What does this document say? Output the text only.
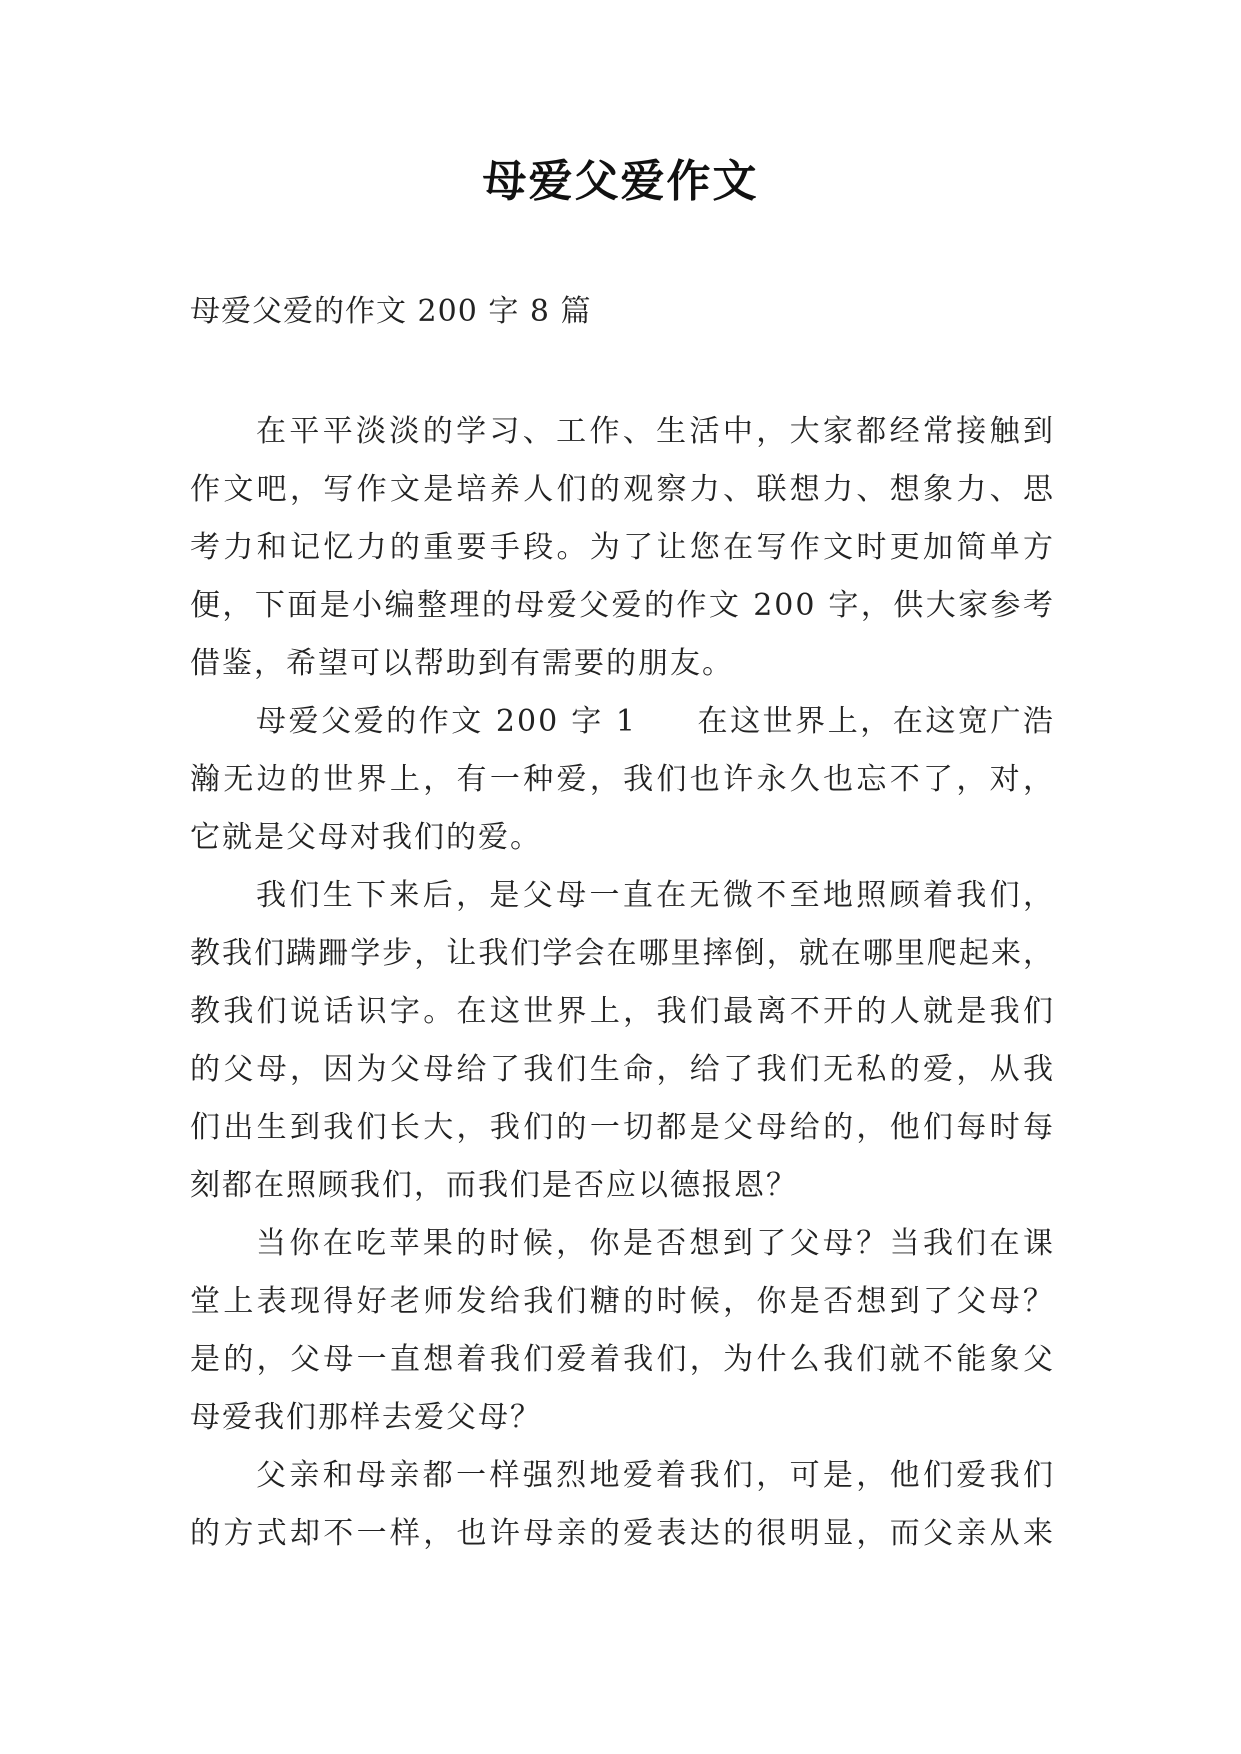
母爱父爱作文
母爱父爱的作文 200 字 8 篇
在平平淡淡的学习、工作、生活中，大家都经常接触到
作文吧，写作文是培养人们的观察力、联想力、想象力、思
考力和记忆力的重要手段。为了让您在写作文时更加简单方
便，下面是小编整理的母爱父爱的作文 200 字，供大家参考
借鉴，希望可以帮助到有需要的朋友。
母爱父爱的作文 200 字 1 在这世界上，在这宽广浩
瀚无边的世界上，有一种爱，我们也许永久也忘不了，对，
它就是父母对我们的爱。
我们生下来后，是父母一直在无微不至地照顾着我们，
教我们蹒跚学步，让我们学会在哪里摔倒，就在哪里爬起来，
教我们说话识字。在这世界上，我们最离不开的人就是我们
的父母，因为父母给了我们生命，给了我们无私的爱，从我
们出生到我们长大，我们的一切都是父母给的，他们每时每
刻都在照顾我们，而我们是否应以德报恩？
当你在吃苹果的时候，你是否想到了父母？当我们在课
堂上表现得好老师发给我们糖的时候，你是否想到了父母？
是的，父母一直想着我们爱着我们，为什么我们就不能象父
母爱我们那样去爱父母？
父亲和母亲都一样强烈地爱着我们，可是，他们爱我们
的方式却不一样，也许母亲的爱表达的很明显，而父亲从来
